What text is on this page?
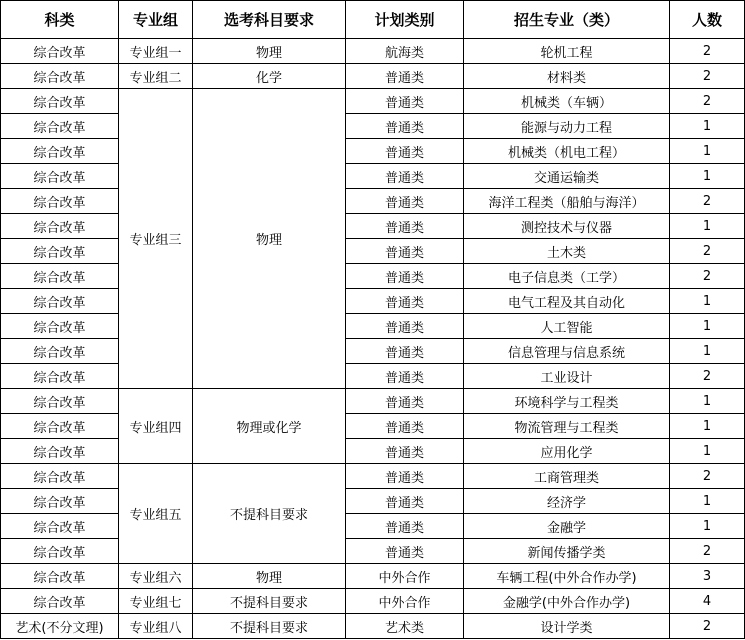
科类	专业组	选考科目要求	计划类别	招生专业（类）	人数
综合改革	专业组一	物理	航海类	轮机工程	2
综合改革	专业组二	化学	普通类	材料类	2
综合改革	专业组三	物理	普通类	机械类（车辆）	2
综合改革			普通类	能源与动力工程	1
综合改革			普通类	机械类（机电工程）	1
综合改革			普通类	交通运输类	1
综合改革			普通类	海洋工程类（船舶与海洋）	2
综合改革			普通类	测控技术与仪器	1
综合改革			普通类	土木类	2
综合改革			普通类	电子信息类（工学）	2
综合改革			普通类	电气工程及其自动化	1
综合改革			普通类	人工智能	1
综合改革			普通类	信息管理与信息系统	1
综合改革			普通类	工业设计	2
综合改革	专业组四	物理或化学	普通类	环境科学与工程类	1
综合改革			普通类	物流管理与工程类	1
综合改革			普通类	应用化学	1
综合改革	专业组五	不提科目要求	普通类	工商管理类	2
综合改革			普通类	经济学	1
综合改革			普通类	金融学	1
综合改革			普通类	新闻传播学类	2
综合改革	专业组六	物理	中外合作	车辆工程(中外合作办学)	3
综合改革	专业组七	不提科目要求	中外合作	金融学(中外合作办学)	4
艺术(不分文理)	专业组八	不提科目要求	艺术类	设计学类	2
